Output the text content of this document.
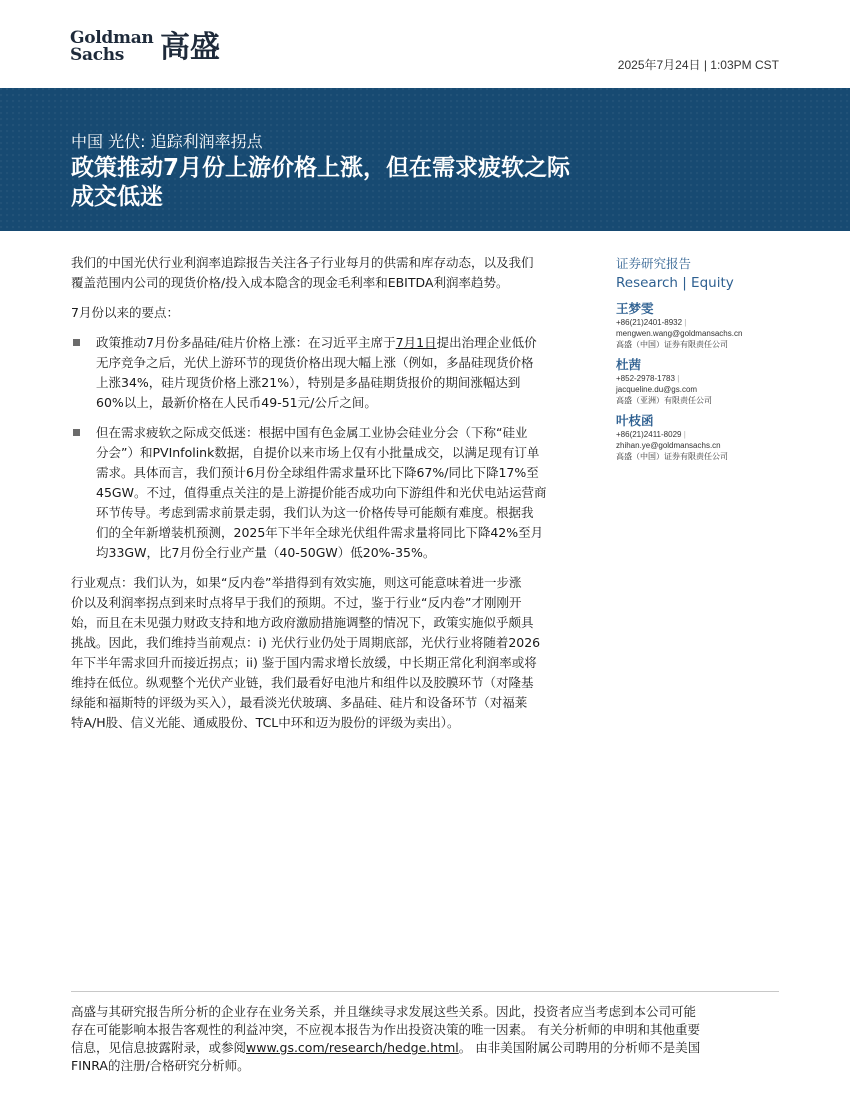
Goldman
Sachs	高盛	2025年7月24日 | 1:03PM CST
中国 光伏: 追踪利润率拐点
政策推动7月份上游价格上涨，但在需求疲软之际
成交低迷

我们的中国光伏行业利润率追踪报告关注各子行业每月的供需和库存动态，以及我们
覆盖范围内公司的现货价格/投入成本隐含的现金毛利率和EBITDA利润率趋势。

7月份以来的要点：

政策推动7月份多晶硅/硅片价格上涨：在习近平主席于7月1日提出治理企业低价
无序竞争之后，光伏上游环节的现货价格出现大幅上涨（例如，多晶硅现货价格
上涨34%，硅片现货价格上涨21%），特别是多晶硅期货报价的期间涨幅达到
60%以上，最新价格在人民币49-51元/公斤之间。
但在需求疲软之际成交低迷：根据中国有色金属工业协会硅业分会（下称“硅业
分会”）和PVInfolink数据，自提价以来市场上仅有小批量成交，以满足现有订单
需求。具体而言，我们预计6月份全球组件需求量环比下降67%/同比下降17%至
45GW。不过，值得重点关注的是上游提价能否成功向下游组件和光伏电站运营商
环节传导。考虑到需求前景走弱，我们认为这一价格传导可能颇有难度。根据我
们的全年新增装机预测，2025年下半年全球光伏组件需求量将同比下降42%至月
均33GW，比7月份全行业产量（40-50GW）低20%-35%。

行业观点：我们认为，如果“反内卷”举措得到有效实施，则这可能意味着进一步涨
价以及利润率拐点到来时点将早于我们的预期。不过，鉴于行业“反内卷”才刚刚开
始，而且在未见强力财政支持和地方政府激励措施调整的情况下，政策实施似乎颇具
挑战。因此，我们维持当前观点：i) 光伏行业仍处于周期底部，光伏行业将随着2026
年下半年需求回升而接近拐点；ii) 鉴于国内需求增长放缓，中长期正常化利润率或将
维持在低位。纵观整个光伏产业链，我们最看好电池片和组件以及胶膜环节（对隆基
绿能和福斯特的评级为买入），最看淡光伏玻璃、多晶硅、硅片和设备环节（对福莱
特A/H股、信义光能、通威股份、TCL中环和迈为股份的评级为卖出）。

证券研究报告
Research | Equity
王梦雯
+86(21)2401-8932 |
mengwen.wang@goldmansachs.cn
高盛（中国）证券有限责任公司
杜茜
+852-2978-1783 |
jacqueline.du@gs.com
高盛（亚洲）有限责任公司
叶枝函
+86(21)2411-8029 |
zhihan.ye@goldmansachs.cn
高盛（中国）证券有限责任公司
高盛与其研究报告所分析的企业存在业务关系，并且继续寻求发展这些关系。因此，投资者应当考虑到本公司可能
存在可能影响本报告客观性的利益冲突，不应视本报告为作出投资决策的唯一因素。 有关分析师的申明和其他重要
信息，见信息披露附录，或参阅www.gs.com/research/hedge.html。 由非美国附属公司聘用的分析师不是美国
FINRA的注册/合格研究分析师。
